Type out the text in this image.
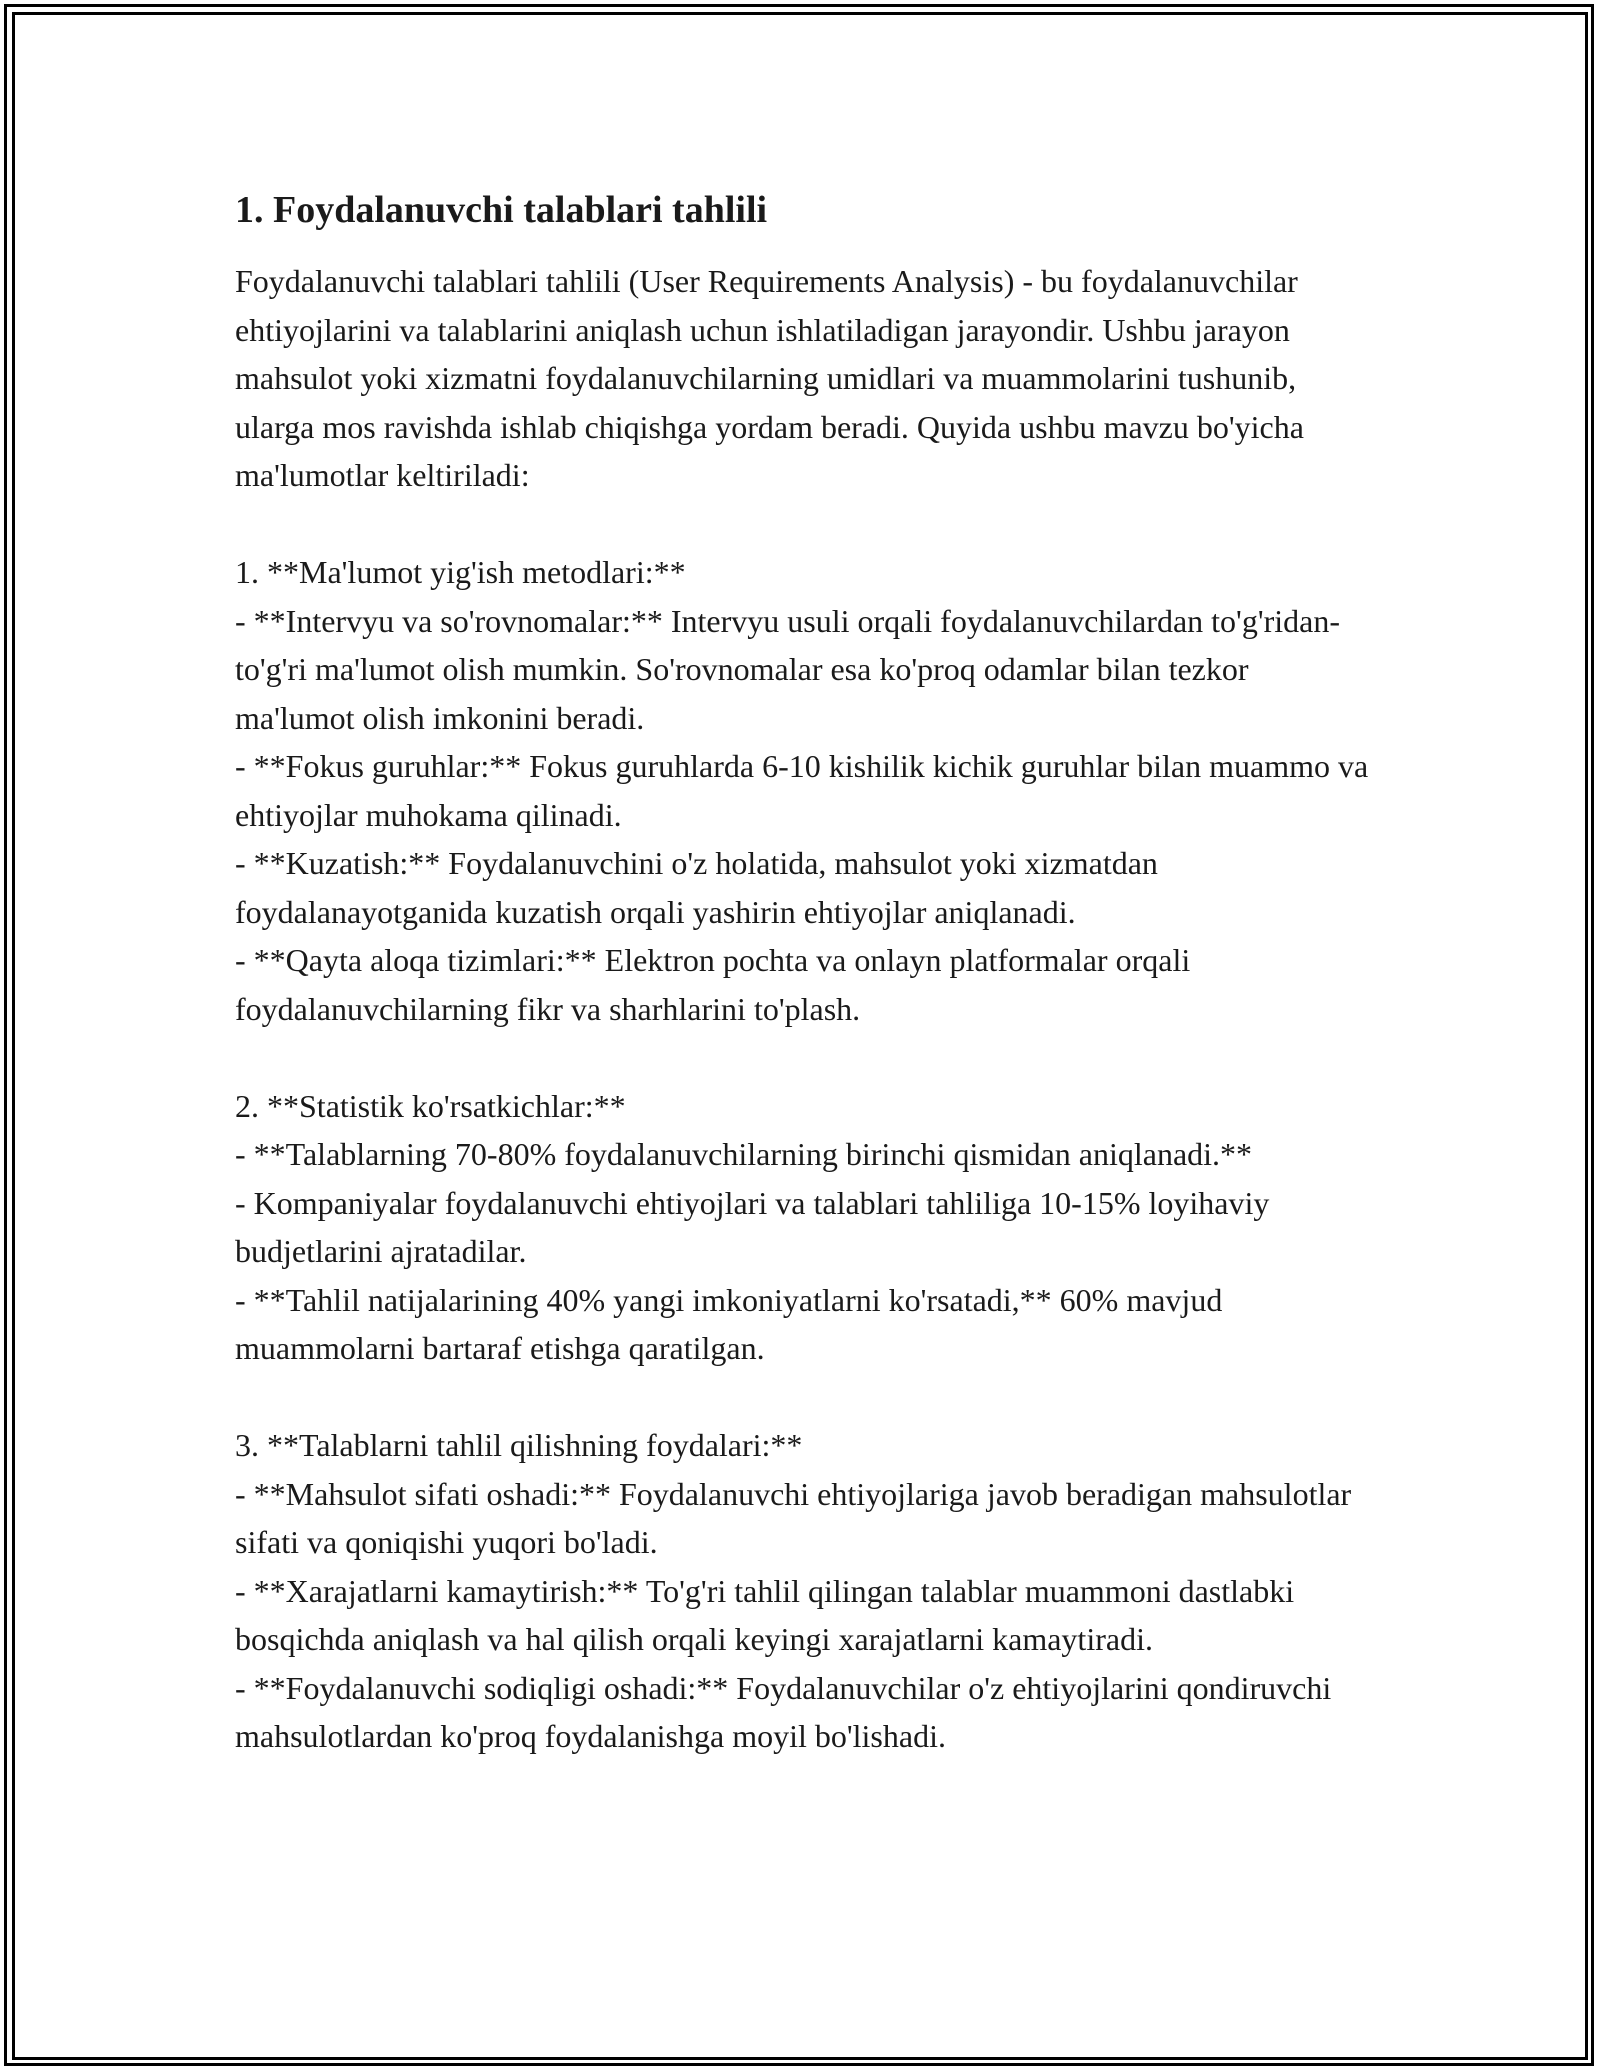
1. Foydalanuvchi talablari tahlili

Foydalanuvchi talablari tahlili (User Requirements Analysis) - bu foydalanuvchilar ehtiyojlarini va talablarini aniqlash uchun ishlatiladigan jarayondir. Ushbu jarayon mahsulot yoki xizmatni foydalanuvchilarning umidlari va muammolarini tushunib, ularga mos ravishda ishlab chiqishga yordam beradi. Quyida ushbu mavzu bo'yicha ma'lumotlar keltiriladi:

1. **Ma'lumot yig'ish metodlari:**

- **Intervyu va so'rovnomalar:** Intervyu usuli orqali foydalanuvchilardan to'g'ridan-to'g'ri ma'lumot olish mumkin. So'rovnomalar esa ko'proq odamlar bilan tezkor ma'lumot olish imkonini beradi.

- **Fokus guruhlar:** Fokus guruhlarda 6-10 kishilik kichik guruhlar bilan muammo va ehtiyojlar muhokama qilinadi.

- **Kuzatish:** Foydalanuvchini o'z holatida, mahsulot yoki xizmatdan foydalanayotganida kuzatish orqali yashirin ehtiyojlar aniqlanadi.

- **Qayta aloqa tizimlari:** Elektron pochta va onlayn platformalar orqali foydalanuvchilarning fikr va sharhlarini to'plash.

2. **Statistik ko'rsatkichlar:**

- **Talablarning 70-80% foydalanuvchilarning birinchi qismidan aniqlanadi.**

- Kompaniyalar foydalanuvchi ehtiyojlari va talablari tahliliga 10-15% loyihaviy budjetlarini ajratadilar.

- **Tahlil natijalarining 40% yangi imkoniyatlarni ko'rsatadi,** 60% mavjud muammolarni bartaraf etishga qaratilgan.

3. **Talablarni tahlil qilishning foydalari:**

- **Mahsulot sifati oshadi:** Foydalanuvchi ehtiyojlariga javob beradigan mahsulotlar sifati va qoniqishi yuqori bo'ladi.

- **Xarajatlarni kamaytirish:** To'g'ri tahlil qilingan talablar muammoni dastlabki bosqichda aniqlash va hal qilish orqali keyingi xarajatlarni kamaytiradi.

- **Foydalanuvchi sodiqligi oshadi:** Foydalanuvchilar o'z ehtiyojlarini qondiruvchi mahsulotlardan ko'proq foydalanishga moyil bo'lishadi.
